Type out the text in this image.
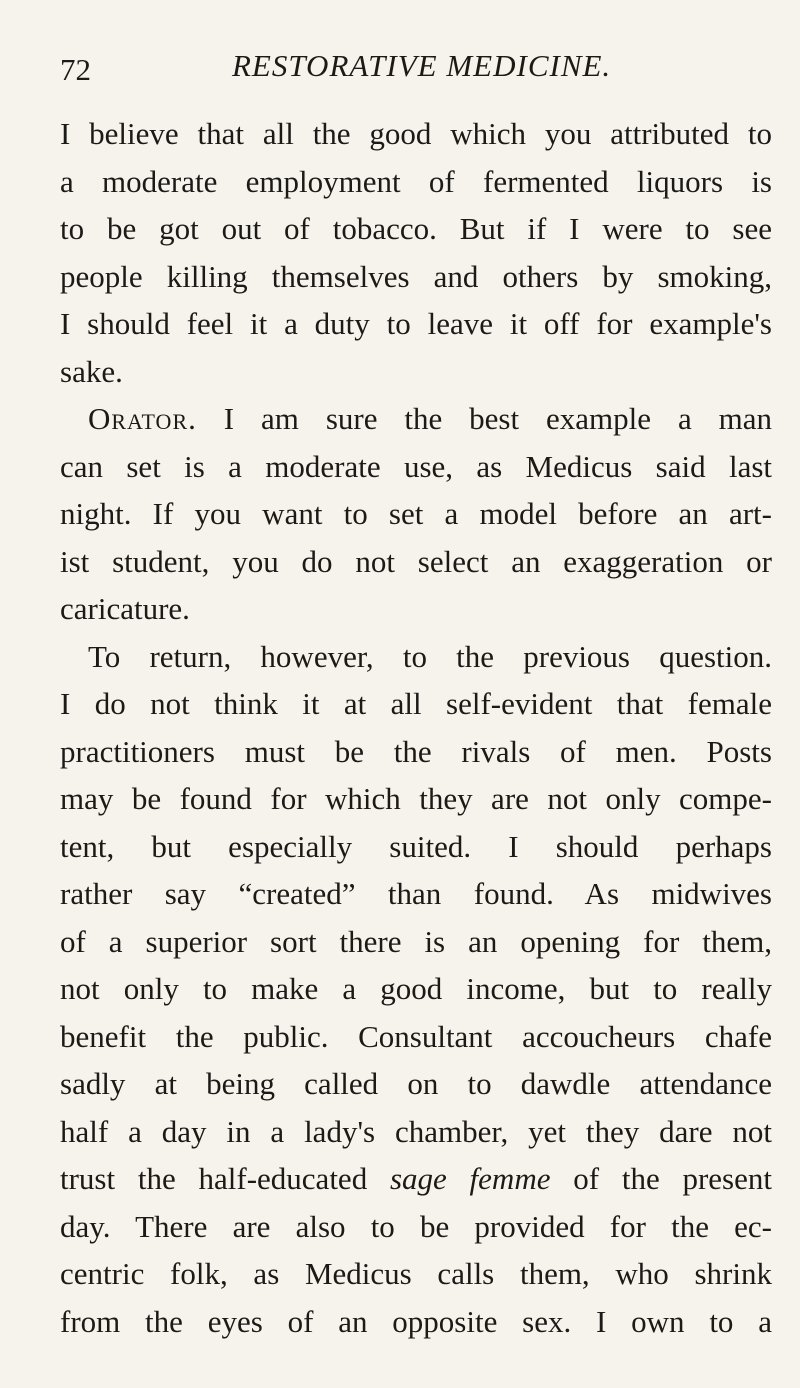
72	RESTORATIVE MEDICINE.
I believe that all the good which you attributed to
a moderate employment of fermented liquors is
to be got out of tobacco. But if I were to see
people killing themselves and others by smoking,
I should feel it a duty to leave it off for example's
sake.
Orator. I am sure the best example a man
can set is a moderate use, as Medicus said last
night. If you want to set a model before an art-
ist student, you do not select an exaggeration or
caricature.
To return, however, to the previous question.
I do not think it at all self-evident that female
practitioners must be the rivals of men. Posts
may be found for which they are not only compe-
tent, but especially suited. I should perhaps
rather say “created” than found. As midwives
of a superior sort there is an opening for them,
not only to make a good income, but to really
benefit the public. Consultant accoucheurs chafe
sadly at being called on to dawdle attendance
half a day in a lady's chamber, yet they dare not
trust the half-educated sage femme of the present
day. There are also to be provided for the ec-
centric folk, as Medicus calls them, who shrink
from the eyes of an opposite sex. I own to a
